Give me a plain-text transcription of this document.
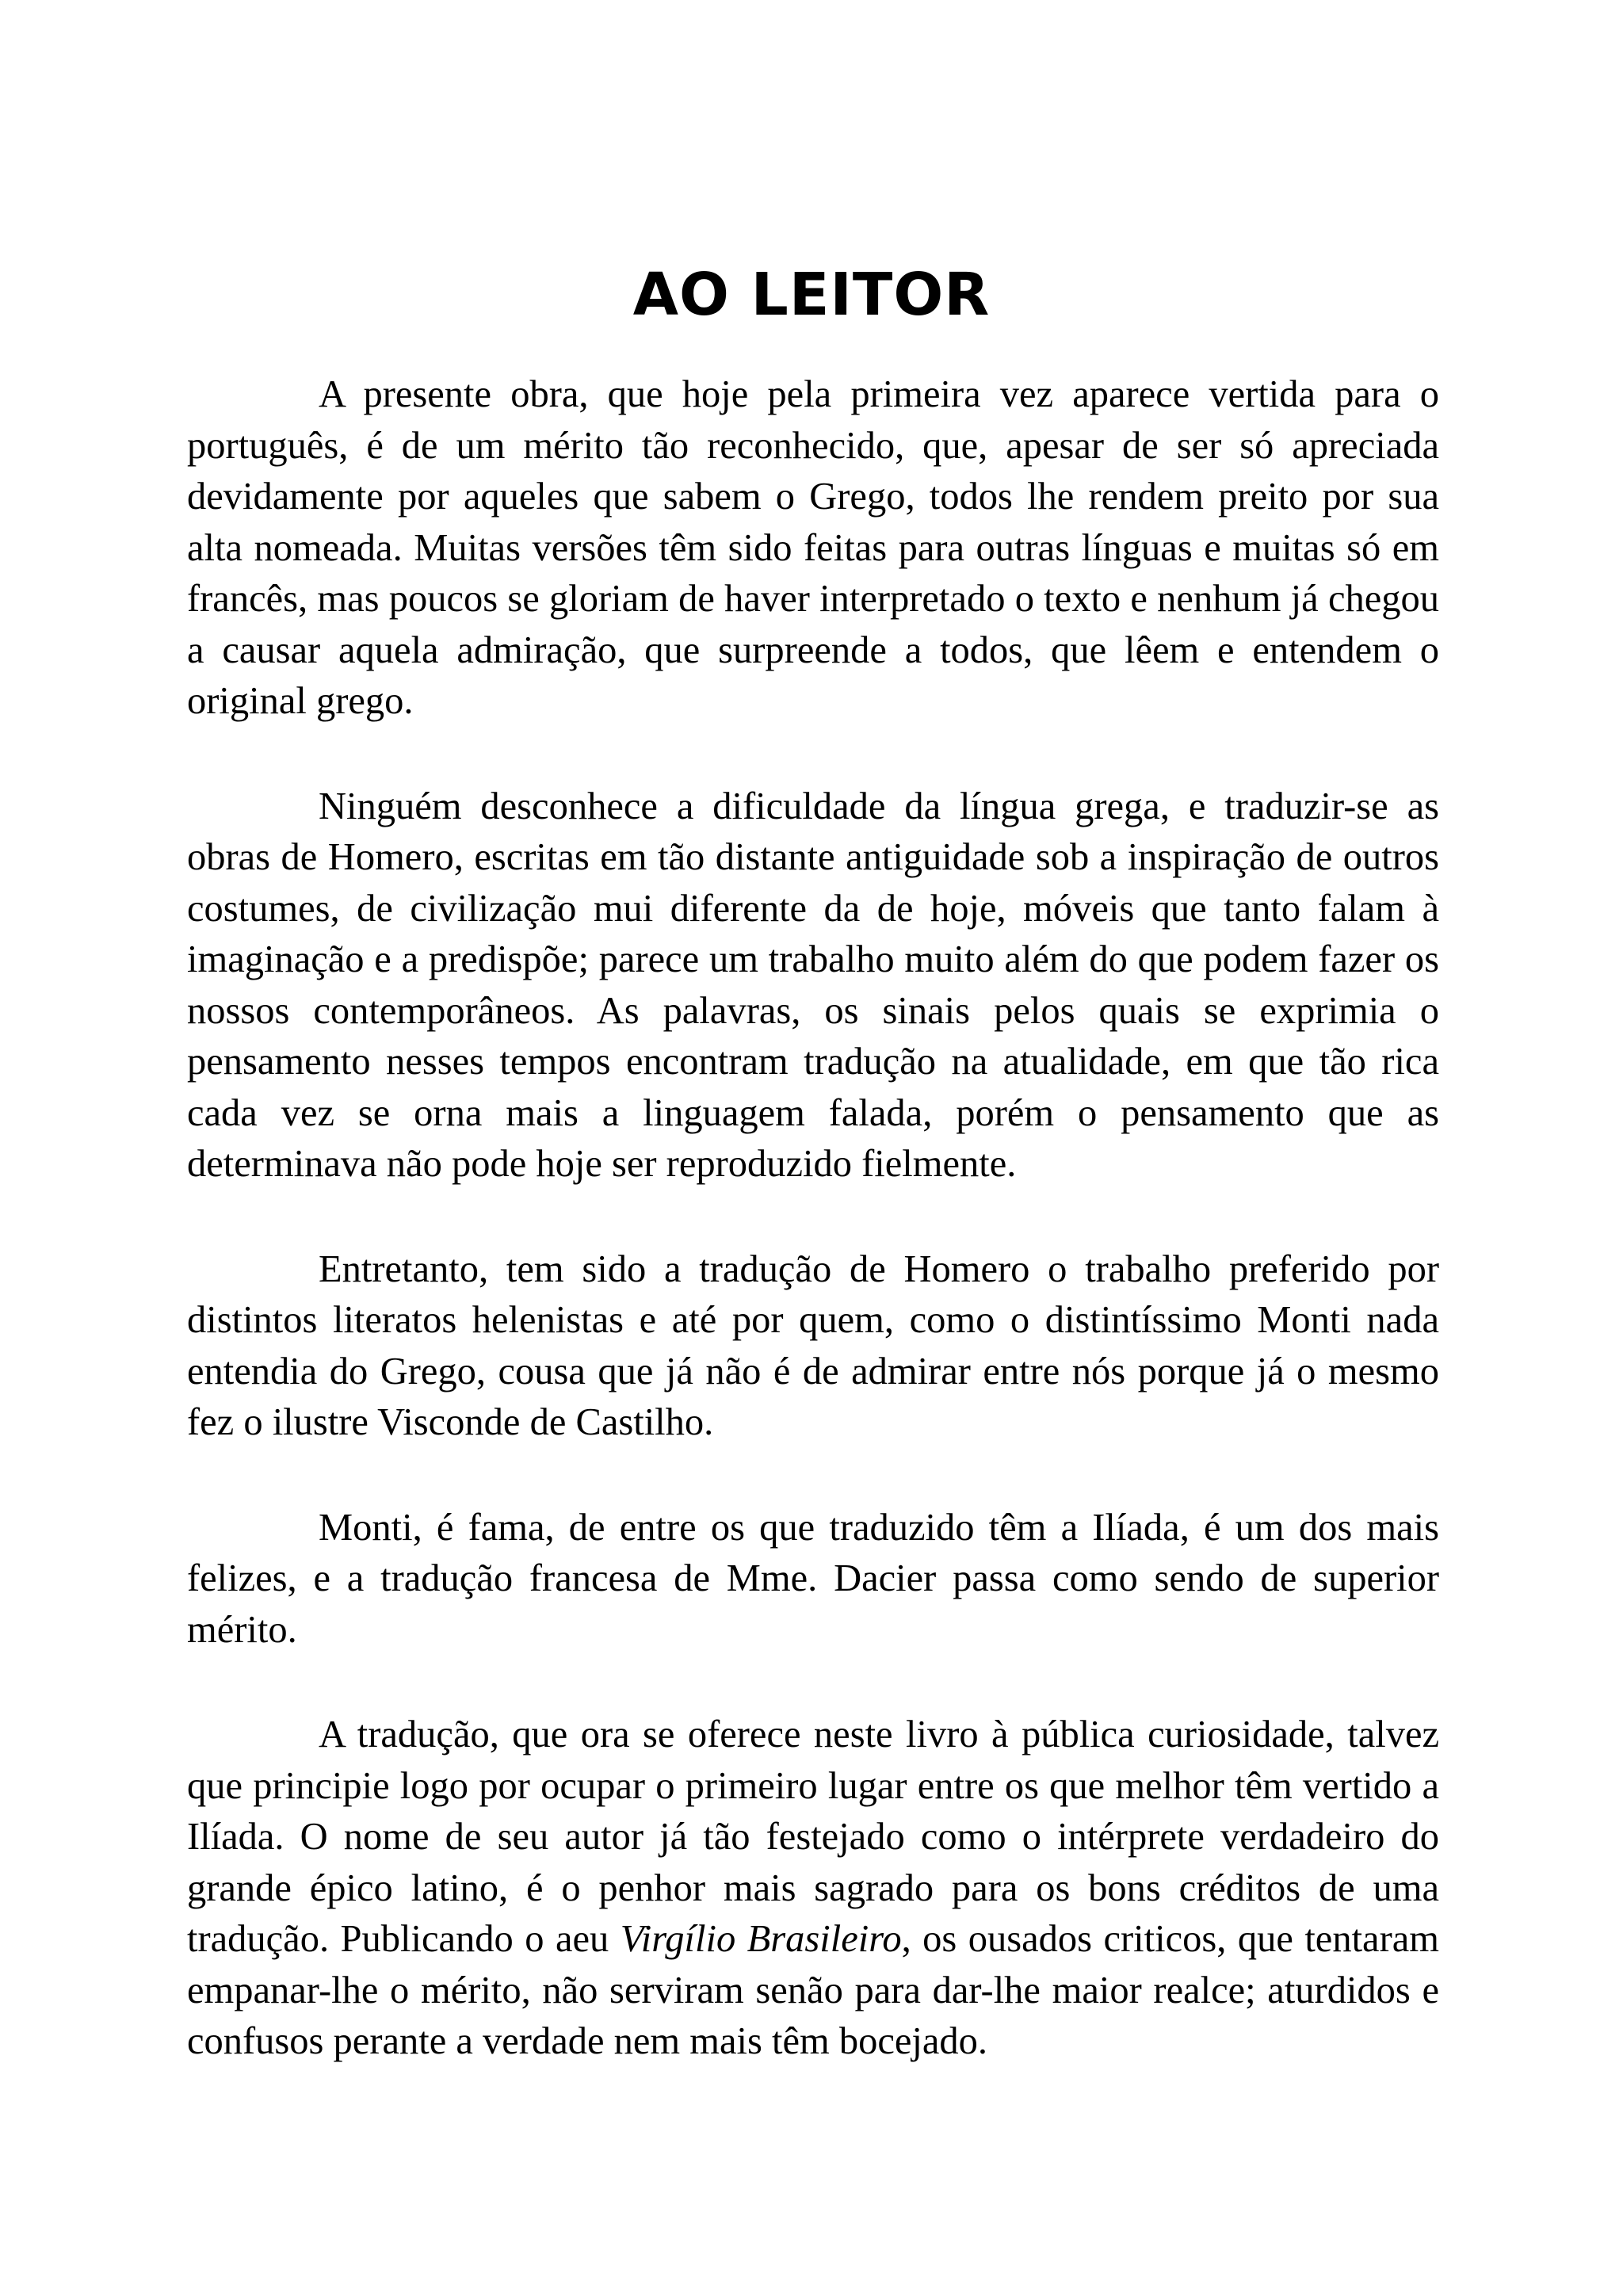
AO LEITOR

A presente obra, que hoje pela primeira vez aparece vertida para o português, é de um mérito tão reconhecido, que, apesar de ser só apreciada devidamente por aqueles que sabem o Grego, todos lhe rendem preito por sua alta nomeada. Muitas versões têm sido feitas para outras línguas e muitas só em francês, mas poucos se gloriam de haver interpretado o texto e nenhum já chegou a causar aquela admiração, que surpreende a todos, que lêem e entendem o original grego.

Ninguém desconhece a dificuldade da língua grega, e traduzir-se as obras de Homero, escritas em tão distante antiguidade sob a inspiração de outros costumes, de civilização mui diferente da de hoje, móveis que tanto falam à imaginação e a predispõe; parece um trabalho muito além do que podem fazer os nossos contemporâneos. As palavras, os sinais pelos quais se exprimia o pensamento nesses tempos encontram tradução na atualidade, em que tão rica cada vez se orna mais a linguagem falada, porém o pensamento que as determinava não pode hoje ser reproduzido fielmente.

Entretanto, tem sido a tradução de Homero o trabalho preferido por distintos literatos helenistas e até por quem, como o distintíssimo Monti nada entendia do Grego, cousa que já não é de admirar entre nós porque já o mesmo fez o ilustre Visconde de Castilho.

Monti, é fama, de entre os que traduzido têm a Ilíada, é um dos mais felizes, e a tradução francesa de Mme. Dacier passa como sendo de superior mérito.

A tradução, que ora se oferece neste livro à pública curiosidade, talvez que principie logo por ocupar o primeiro lugar entre os que melhor têm vertido a Ilíada. O nome de seu autor já tão festejado como o intérprete verdadeiro do grande épico latino, é o penhor mais sagrado para os bons créditos de uma tradução. Publicando o aeu Virgílio Brasileiro, os ousados criticos, que tentaram empanar-lhe o mérito, não serviram senão para dar-lhe maior realce; aturdidos e confusos perante a verdade nem mais têm bocejado.
